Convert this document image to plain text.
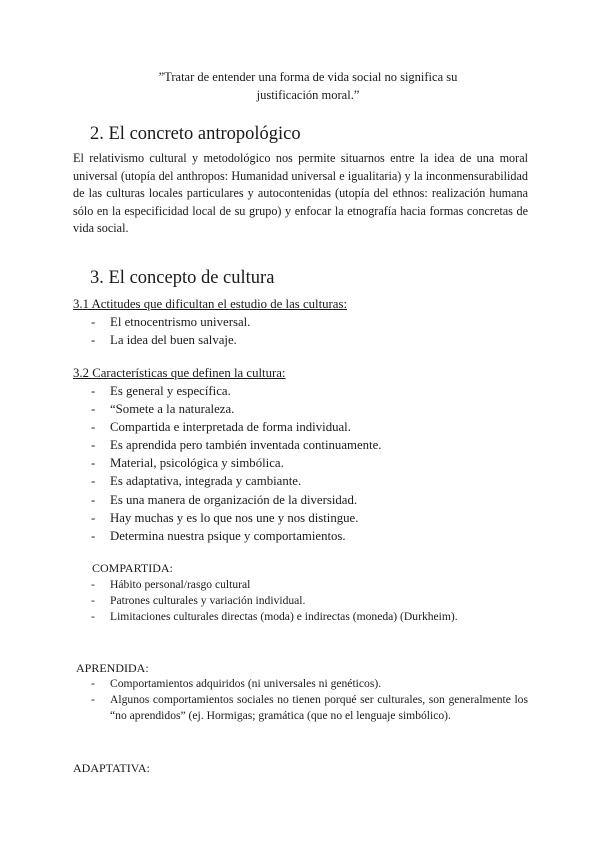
”Tratar de entender una forma de vida social no significa su
justificación moral.”
2. El concreto antropológico

El relativismo cultural y metodológico nos permite situarnos entre la idea de una moral universal (utopía del anthropos: Humanidad universal e igualitaria) y la inconmensurabilidad de las culturas locales particulares y autocontenidas (utopía del ethnos: realización humana sólo en la especificidad local de su grupo) y enfocar la etnografía hacia formas concretas de vida social.

3. El concepto de cultura
3.1 Actitudes que dificultan el estudio de las culturas:
- El etnocentrismo universal.
- La idea del buen salvaje.
3.2 Características que definen la cultura:
- Es general y específica.
- “Somete a la naturaleza.
- Compartida e interpretada de forma individual.
- Es aprendida pero también inventada continuamente.
- Material, psicológica y simbólica.
- Es adaptativa, integrada y cambiante.
- Es una manera de organización de la diversidad.
- Hay muchas y es lo que nos une y nos distingue.
- Determina nuestra psique y comportamientos.
COMPARTIDA:
- Hábito personal/rasgo cultural
- Patrones culturales y variación individual.
- Limitaciones culturales directas (moda) e indirectas (moneda) (Durkheim).
APRENDIDA:
- Comportamientos adquiridos (ni universales ni genéticos).
- Algunos comportamientos sociales no tienen porqué ser culturales, son generalmente los “no aprendidos” (ej. Hormigas; gramática (que no el lenguaje simbólico).
ADAPTATIVA:
